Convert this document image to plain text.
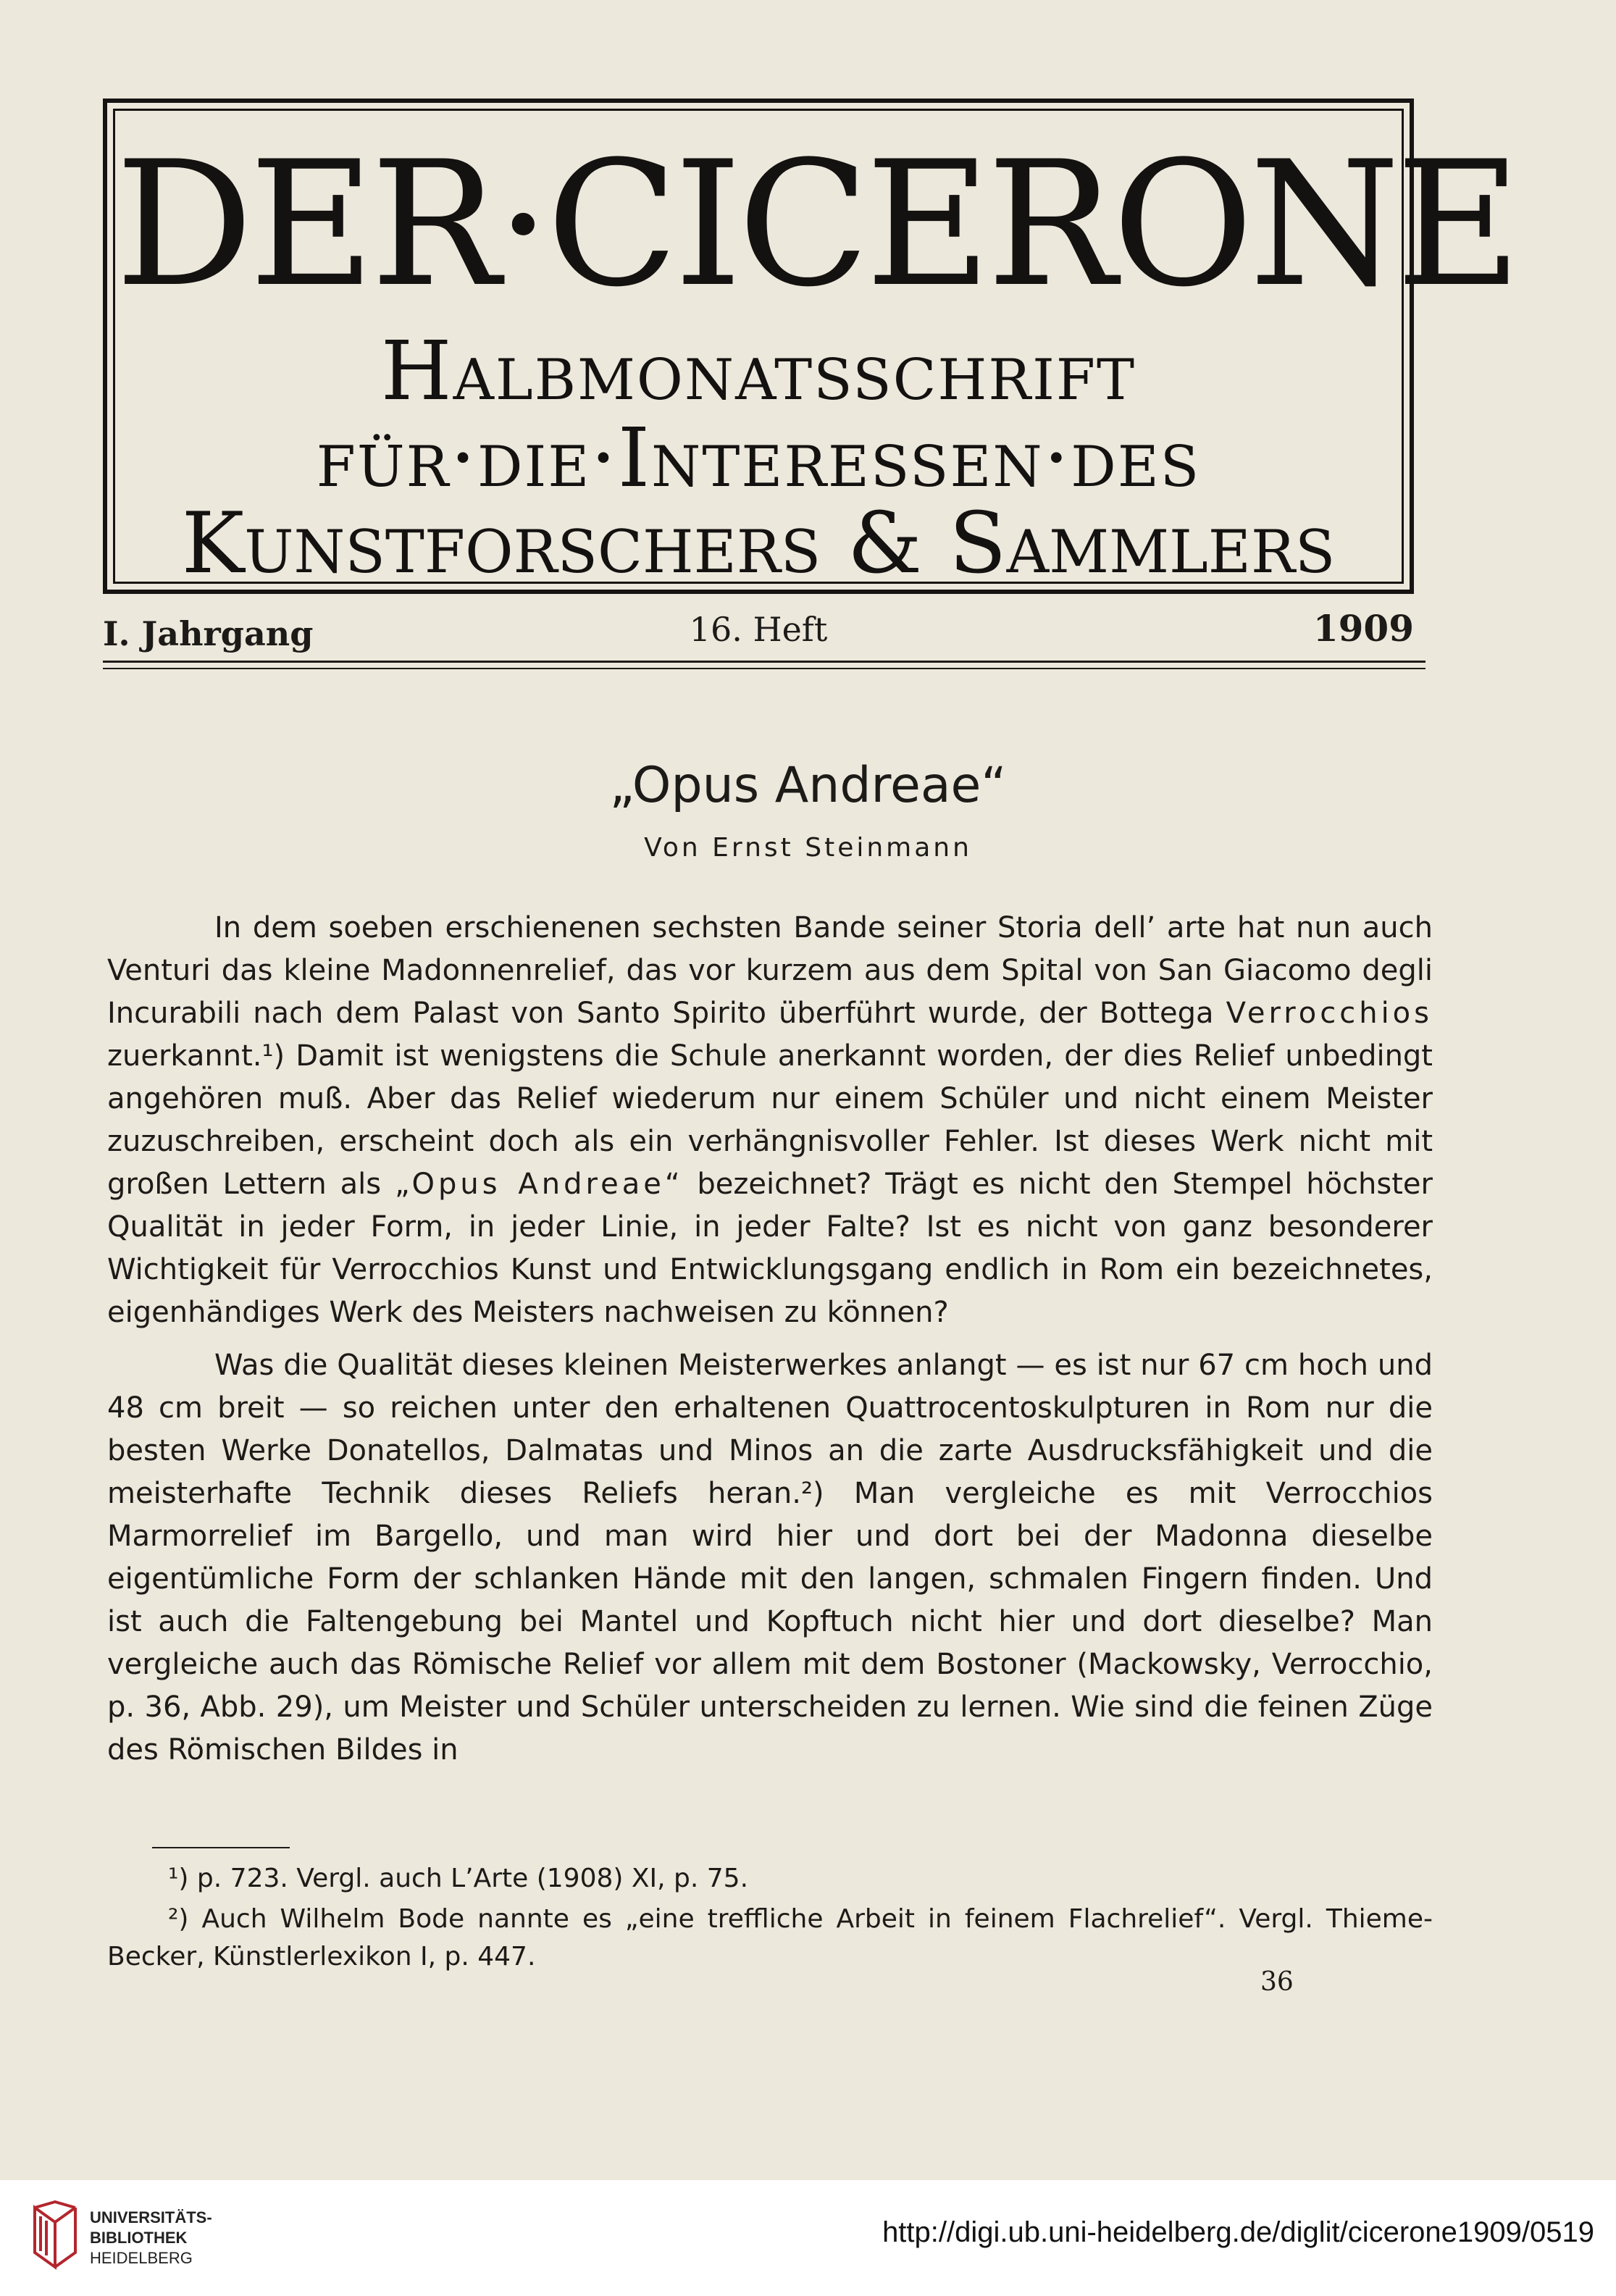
DER·CICERONE
Halbmonatsschrift
für·die·Interessen·des
Kunstforschers & Sammlers
I. Jahrgang	16. Heft	1909
„Opus Andreae“
Von Ernst Steinmann

In dem soeben erschienenen sechsten Bande seiner Storia dell’ arte hat nun auch Venturi das kleine Madonnenrelief, das vor kurzem aus dem Spital von San Giacomo degli Incurabili nach dem Palast von Santo Spirito überführt wurde, der Bottega Verrocchios zuerkannt.¹) Damit ist wenigstens die Schule anerkannt worden, der dies Relief unbedingt angehören muß. Aber das Relief wiederum nur einem Schüler und nicht einem Meister zuzuschreiben, erscheint doch als ein verhängnisvoller Fehler. Ist dieses Werk nicht mit großen Lettern als „Opus Andreae“ bezeichnet? Trägt es nicht den Stempel höchster Qualität in jeder Form, in jeder Linie, in jeder Falte? Ist es nicht von ganz besonderer Wichtigkeit für Verrocchios Kunst und Entwicklungsgang endlich in Rom ein bezeichnetes, eigenhändiges Werk des Meisters nachweisen zu können?

Was die Qualität dieses kleinen Meisterwerkes anlangt — es ist nur 67 cm hoch und 48 cm breit — so reichen unter den erhaltenen Quattrocentoskulpturen in Rom nur die besten Werke Donatellos, Dalmatas und Minos an die zarte Ausdrucksfähigkeit und die meisterhafte Technik dieses Reliefs heran.²) Man vergleiche es mit Verrocchios Marmorrelief im Bargello, und man wird hier und dort bei der Madonna dieselbe eigentümliche Form der schlanken Hände mit den langen, schmalen Fingern finden. Und ist auch die Faltengebung bei Mantel und Kopftuch nicht hier und dort dieselbe? Man vergleiche auch das Römische Relief vor allem mit dem Bostoner (Mackowsky, Verrocchio, p. 36, Abb. 29), um Meister und Schüler unterscheiden zu lernen. Wie sind die feinen Züge des Römischen Bildes in

¹) p. 723. Vergl. auch L’Arte (1908) XI, p. 75.

²) Auch Wilhelm Bode nannte es „eine treffliche Arbeit in feinem Flachrelief“. Vergl. Thieme-Becker, Künstlerlexikon I, p. 447.

36
UNIVERSITÄTS-
BIBLIOTHEK
HEIDELBERG
http://digi.ub.uni-heidelberg.de/diglit/cicerone1909/0519
